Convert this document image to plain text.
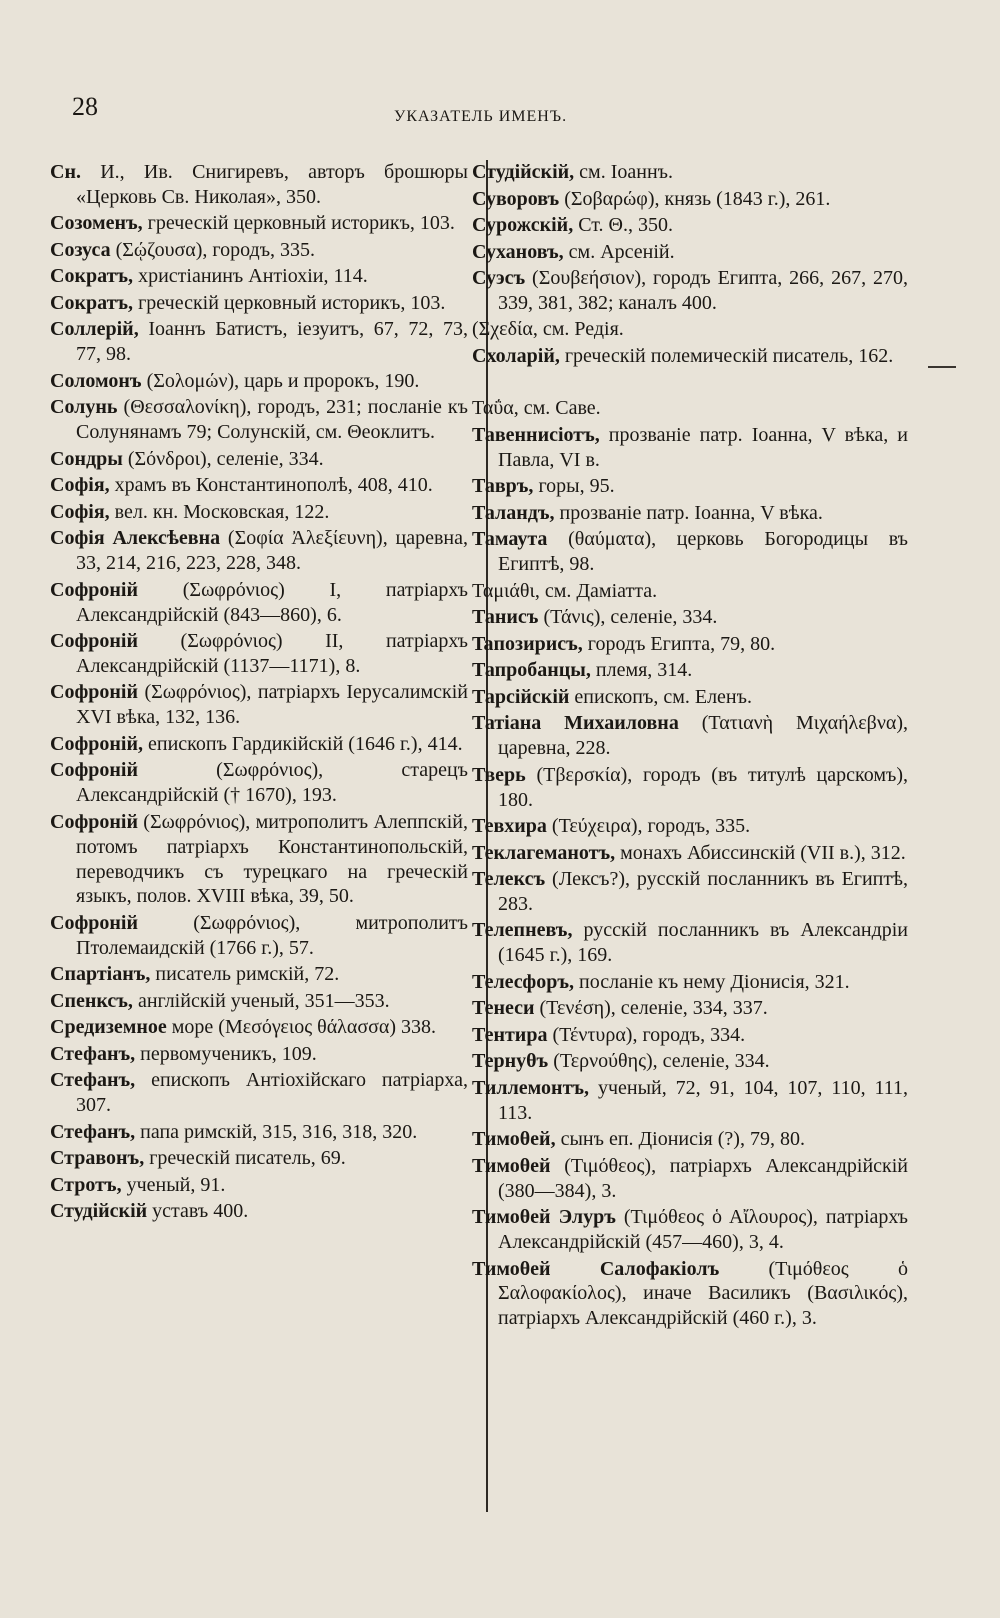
28	УКАЗАТЕЛЬ ИМЕНЪ.
Сн. И., Ив. Снигиревъ, авторъ брошюры «Церковь Св. Николая», 350.
Созоменъ, греческій церковный историкъ, 103.
Созуса (Σῴζουσα), городъ, 335.
Сократъ, христіанинъ Антіохіи, 114.
Сократъ, греческій церковный историкъ, 103.
Соллерій, Іоаннъ Батистъ, іезуитъ, 67, 72, 73, 77, 98.
Соломонъ (Σολομών), царь и пророкъ, 190.
Солунь (Θεσσαλονίκη), городъ, 231; посланіе къ Солунянамъ 79; Солунскій, см. Θеоклитъ.
Сондры (Σόνδροι), селеніе, 334.
Софія, храмъ въ Константинополѣ, 408, 410.
Софія, вел. кн. Московская, 122.
Софія Алексѣевна (Σοφία Ἀλεξίευνη), царевна, 33, 214, 216, 223, 228, 348.
Софроній (Σωφρόνιος) I, патріархъ Александрійскій (843—860), 6.
Софроній (Σωφρόνιος) II, патріархъ Александрійскій (1137—1171), 8.
Софроній (Σωφρόνιος), патріархъ Іерусалимскій XVI вѣка, 132, 136.
Софроній, епископъ Гардикійскій (1646 г.), 414.
Софроній (Σωφρόνιος), старецъ Александрійскій († 1670), 193.
Софроній (Σωφρόνιος), митрополитъ Алеппскій, потомъ патріархъ Константинопольскій, переводчикъ съ турецкаго на греческій языкъ, полов. XVIII вѣка, 39, 50.
Софроній (Σωφρόνιος), митрополитъ Птолемаидскій (1766 г.), 57.
Спартіанъ, писатель римскій, 72.
Спенксъ, англійскій ученый, 351—353.
Средиземное море (Μεσόγειος θάλασσα) 338.
Стефанъ, первомученикъ, 109.
Стефанъ, епископъ Антіохійскаго патріарха, 307.
Стефанъ, папа римскій, 315, 316, 318, 320.
Стравонъ, греческій писатель, 69.
Стротъ, ученый, 91.
Студійскій уставъ 400.
Студійскій, см. Іоаннъ.
Суворовъ (Σοβαρώφ), князь (1843 г.), 261.
Сурожскій, Ст. Θ., 350.
Сухановъ, см. Арсеній.
Суэсъ (Σουβεήσιον), городъ Египта, 266, 267, 270, 339, 381, 382; каналъ 400.
(Σχεδία, см. Редія.
Схоларій, греческій полемическій писатель, 162.
Ταΰα, см. Саве.
Тавеннисіотъ, прозваніе патр. Іоанна, V вѣка, и Павла, VI в.
Тавръ, горы, 95.
Таландъ, прозваніе патр. Іоанна, V вѣка.
Тамаута (θαύματα), церковь Богородицы въ Египтѣ, 98.
Ταμιάθι, см. Даміатта.
Танисъ (Τάνις), селеніе, 334.
Taпозирисъ, городъ Египта, 79, 80.
Тапробанцы, племя, 314.
Тарсійскій епископъ, см. Еленъ.
Татіана Михаиловна (Τατιανὴ Μιχαήλεβνα), царевна, 228.
Тверь (Τβερσκία), городъ (въ титулѣ царскомъ), 180.
Тевхира (Τεύχειρα), городъ, 335.
Теклагеманотъ, монахъ Абиссинскій (VII в.), 312.
Телексъ (Лексъ?), русскій посланникъ въ Египтѣ, 283.
Телепневъ, русскій посланникъ въ Александріи (1645 г.), 169.
Телесфоръ, посланіе къ нему Діонисія, 321.
Тенеси (Τενέση), селеніе, 334, 337.
Тентира (Τέντυρα), городъ, 334.
Тернуθъ (Τερνούθης), селеніе, 334.
Тиллемонтъ, ученый, 72, 91, 104, 107, 110, 111, 113.
Тимоθей, сынъ еп. Діонисія (?), 79, 80.
Тимоθей (Τιμόθεος), патріархъ Александрійскій (380—384), 3.
Тимоθей Элуръ (Τιμόθεος ὁ Αἴλουρος), патріархъ Александрійскій (457—460), 3, 4.
Тимоθей Салофакіолъ (Τιμόθεος ὁ Σαλοφακίολος), иначе Василикъ (Βασιλικός), патріархъ Александрійскій (460 г.), 3.
